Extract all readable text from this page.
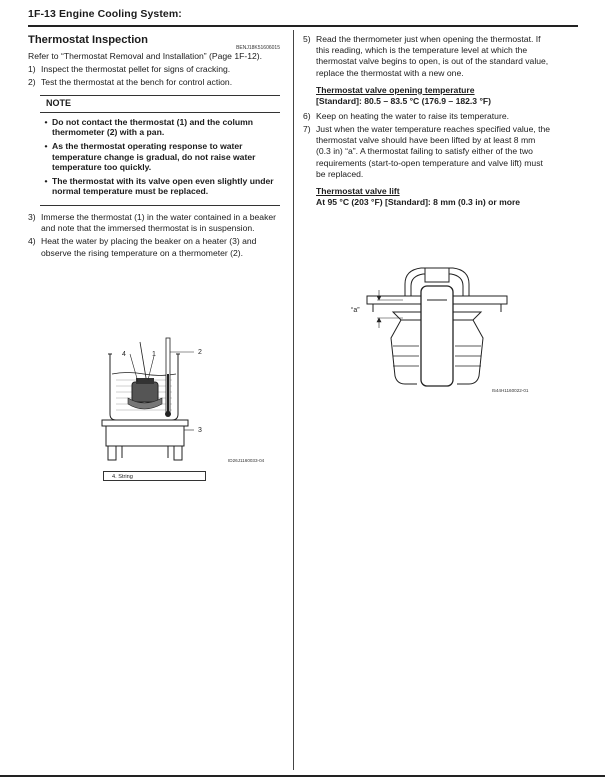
1F-13 Engine Cooling System:
Thermostat Inspection
BENJ18K51606015
Refer to “Thermostat Removal and Installation” (Page 1F-12).
1) Inspect the thermostat pellet for signs of cracking.
2) Test the thermostat at the bench for control action.
NOTE
• Do not contact the thermostat (1) and the column thermometer (2) with a pan.
• As the thermostat operating response to water temperature change is gradual, do not raise water temperature too quickly.
• The thermostat with its valve open even slightly under normal temperature must be replaced.
3) Immerse the thermostat (1) in the water contained in a beaker and note that the immersed thermostat is in suspension.
4) Heat the water by placing the beaker on a heater (3) and observe the rising temperature on a thermometer (2).
4	1	2
3
ID26J1160033-04
4. String
5) Read the thermometer just when opening the thermostat. If this reading, which is the temperature level at which the thermostat valve begins to open, is out of the standard value, replace the thermostat with a new one.
Thermostat valve opening temperature
[Standard]: 80.5 – 83.5 °C (176.9 – 182.3 °F)
6) Keep on heating the water to raise its temperature.
7) Just when the water temperature reaches specified value, the thermostat valve should have been lifted by at least 8 mm (0.3 in) “a”. A thermostat failing to satisfy either of the two requirements (start-to-open temperature and valve lift) must be replaced.
Thermostat valve lift
At 95 °C (203 °F) [Standard]: 8 mm (0.3 in) or more
“a”
I544H1160022-01
